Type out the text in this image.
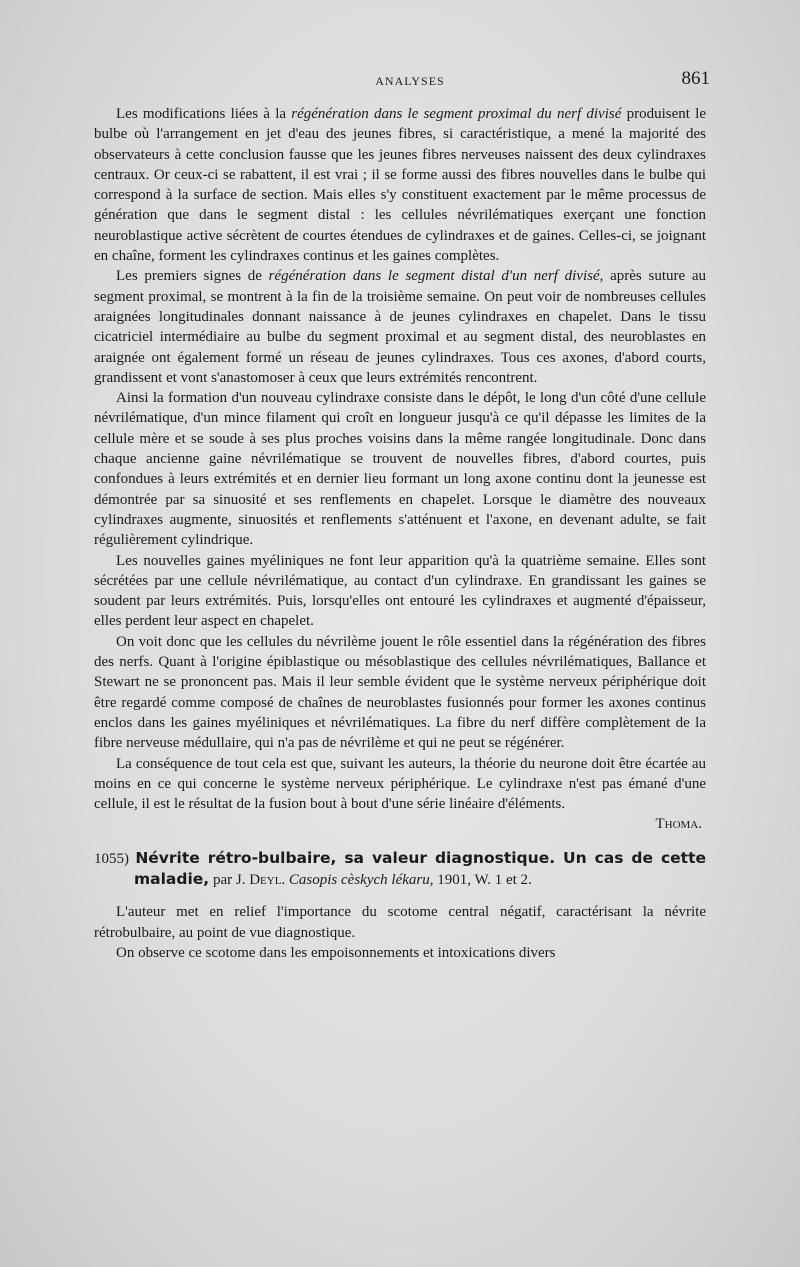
ANALYSES	861

Les modifications liées à la régénération dans le segment proximal du nerf divisé produisent le bulbe où l'arrangement en jet d'eau des jeunes fibres, si caractéristique, a mené la majorité des observateurs à cette conclusion fausse que les jeunes fibres nerveuses naissent des deux cylindraxes centraux. Or ceux-ci se rabattent, il est vrai ; il se forme aussi des fibres nouvelles dans le bulbe qui correspond à la surface de section. Mais elles s'y constituent exactement par le même processus de génération que dans le segment distal : les cellules névrilématiques exerçant une fonction neuroblastique active sécrètent de courtes étendues de cylindraxes et de gaines. Celles-ci, se joignant en chaîne, forment les cylindraxes continus et les gaines complètes.

Les premiers signes de régénération dans le segment distal d'un nerf divisé, après suture au segment proximal, se montrent à la fin de la troisième semaine. On peut voir de nombreuses cellules araignées longitudinales donnant naissance à de jeunes cylindraxes en chapelet. Dans le tissu cicatriciel intermédiaire au bulbe du segment proximal et au segment distal, des neuroblastes en araignée ont également formé un réseau de jeunes cylindraxes. Tous ces axones, d'abord courts, grandissent et vont s'anastomoser à ceux que leurs extrémités rencontrent.

Ainsi la formation d'un nouveau cylindraxe consiste dans le dépôt, le long d'un côté d'une cellule névrilématique, d'un mince filament qui croît en longueur jusqu'à ce qu'il dépasse les limites de la cellule mère et se soude à ses plus proches voisins dans la même rangée longitudinale. Donc dans chaque ancienne gaine névrilématique se trouvent de nouvelles fibres, d'abord courtes, puis confondues à leurs extrémités et en dernier lieu formant un long axone continu dont la jeunesse est démontrée par sa sinuosité et ses renflements en chapelet. Lorsque le diamètre des nouveaux cylindraxes augmente, sinuosités et renflements s'atténuent et l'axone, en devenant adulte, se fait régulièrement cylindrique.

Les nouvelles gaines myéliniques ne font leur apparition qu'à la quatrième semaine. Elles sont sécrétées par une cellule névrilématique, au contact d'un cylindraxe. En grandissant les gaines se soudent par leurs extrémités. Puis, lorsqu'elles ont entouré les cylindraxes et augmenté d'épaisseur, elles perdent leur aspect en chapelet.

On voit donc que les cellules du névrilème jouent le rôle essentiel dans la régénération des fibres des nerfs. Quant à l'origine épiblastique ou mésoblastique des cellules névrilématiques, Ballance et Stewart ne se prononcent pas. Mais il leur semble évident que le système nerveux périphérique doit être regardé comme composé de chaînes de neuroblastes fusionnés pour former les axones continus enclos dans les gaines myéliniques et névrilématiques. La fibre du nerf diffère complètement de la fibre nerveuse médullaire, qui n'a pas de névrilème et qui ne peut se régénérer.

La conséquence de tout cela est que, suivant les auteurs, la théorie du neurone doit être écartée au moins en ce qui concerne le système nerveux périphérique. Le cylindraxe n'est pas émané d'une cellule, il est le résultat de la fusion bout à bout d'une série linéaire d'éléments.

Thoma.

1055) Névrite rétro-bulbaire, sa valeur diagnostique. Un cas de cette maladie, par J. Deyl. Casopis cèskych lékaru, 1901, W. 1 et 2.

L'auteur met en relief l'importance du scotome central négatif, caractérisant la névrite rétrobulbaire, au point de vue diagnostique.

On observe ce scotome dans les empoisonnements et intoxications divers
